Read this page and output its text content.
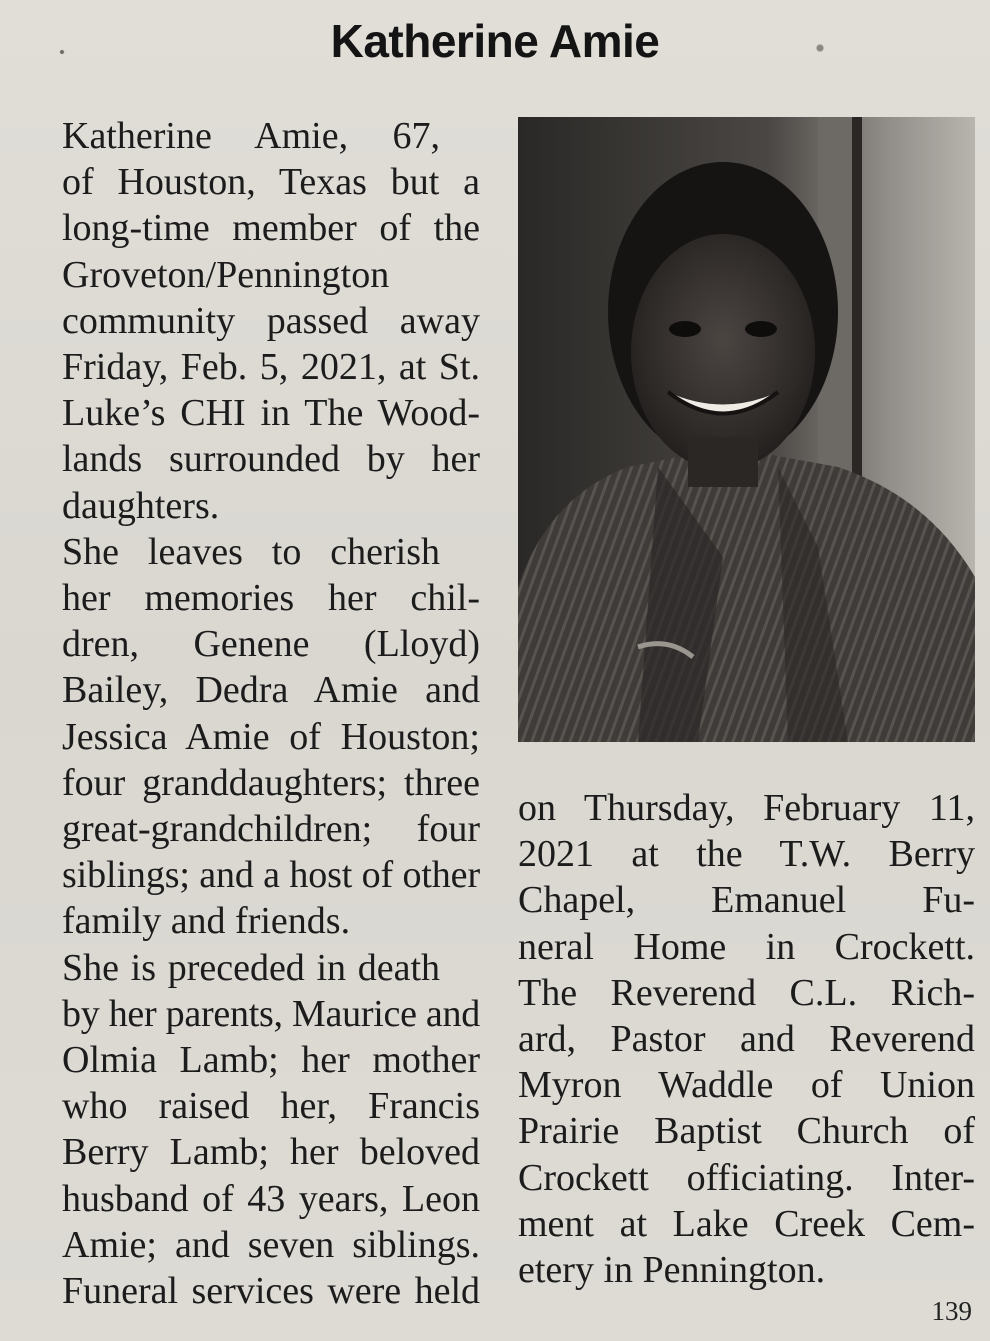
Katherine Amie

Katherine Amie, 67,
of Houston, Texas but a
long-time member of the
Groveton/Pennington
community passed away
Friday, Feb. 5, 2021, at St.
Luke’s CHI in The Wood-
lands surrounded by her
daughters.

She leaves to cherish
her memories her chil-
dren, Genene (Lloyd)
Bailey, Dedra Amie and
Jessica Amie of Houston;
four granddaughters; three
great-grandchildren; four
siblings; and a host of other
family and friends.

She is preceded in death
by her parents, Maurice and
Olmia Lamb; her mother
who raised her, Francis
Berry Lamb; her beloved
husband of 43 years, Leon
Amie; and seven siblings.
Funeral services were held

on Thursday, February 11,
2021 at the T.W. Berry
Chapel, Emanuel Fu-
neral Home in Crockett.
The Reverend C.L. Rich-
ard, Pastor and Reverend
Myron Waddle of Union
Prairie Baptist Church of
Crockett officiating. Inter-
ment at Lake Creek Cem-
etery in Pennington.

139
